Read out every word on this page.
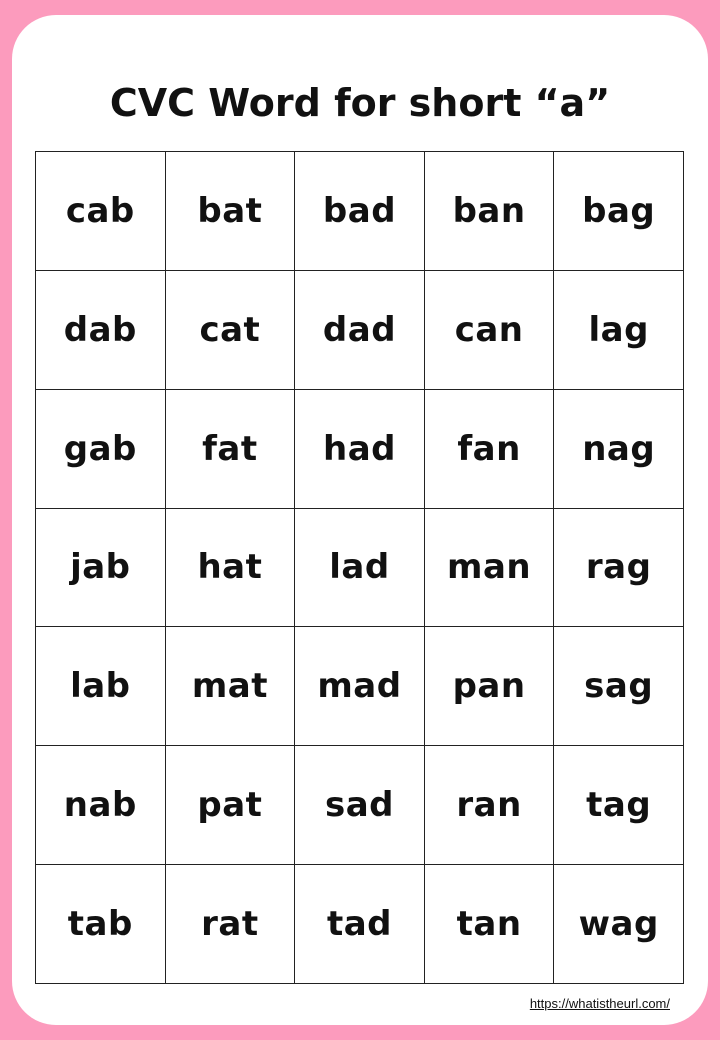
CVC Word for short “a”
cab	bat	bad	ban	bag
dab	cat	dad	can	lag
gab	fat	had	fan	nag
jab	hat	lad	man	rag
lab	mat	mad	pan	sag
nab	pat	sad	ran	tag
tab	rat	tad	tan	wag
https://whatistheurl.com/
